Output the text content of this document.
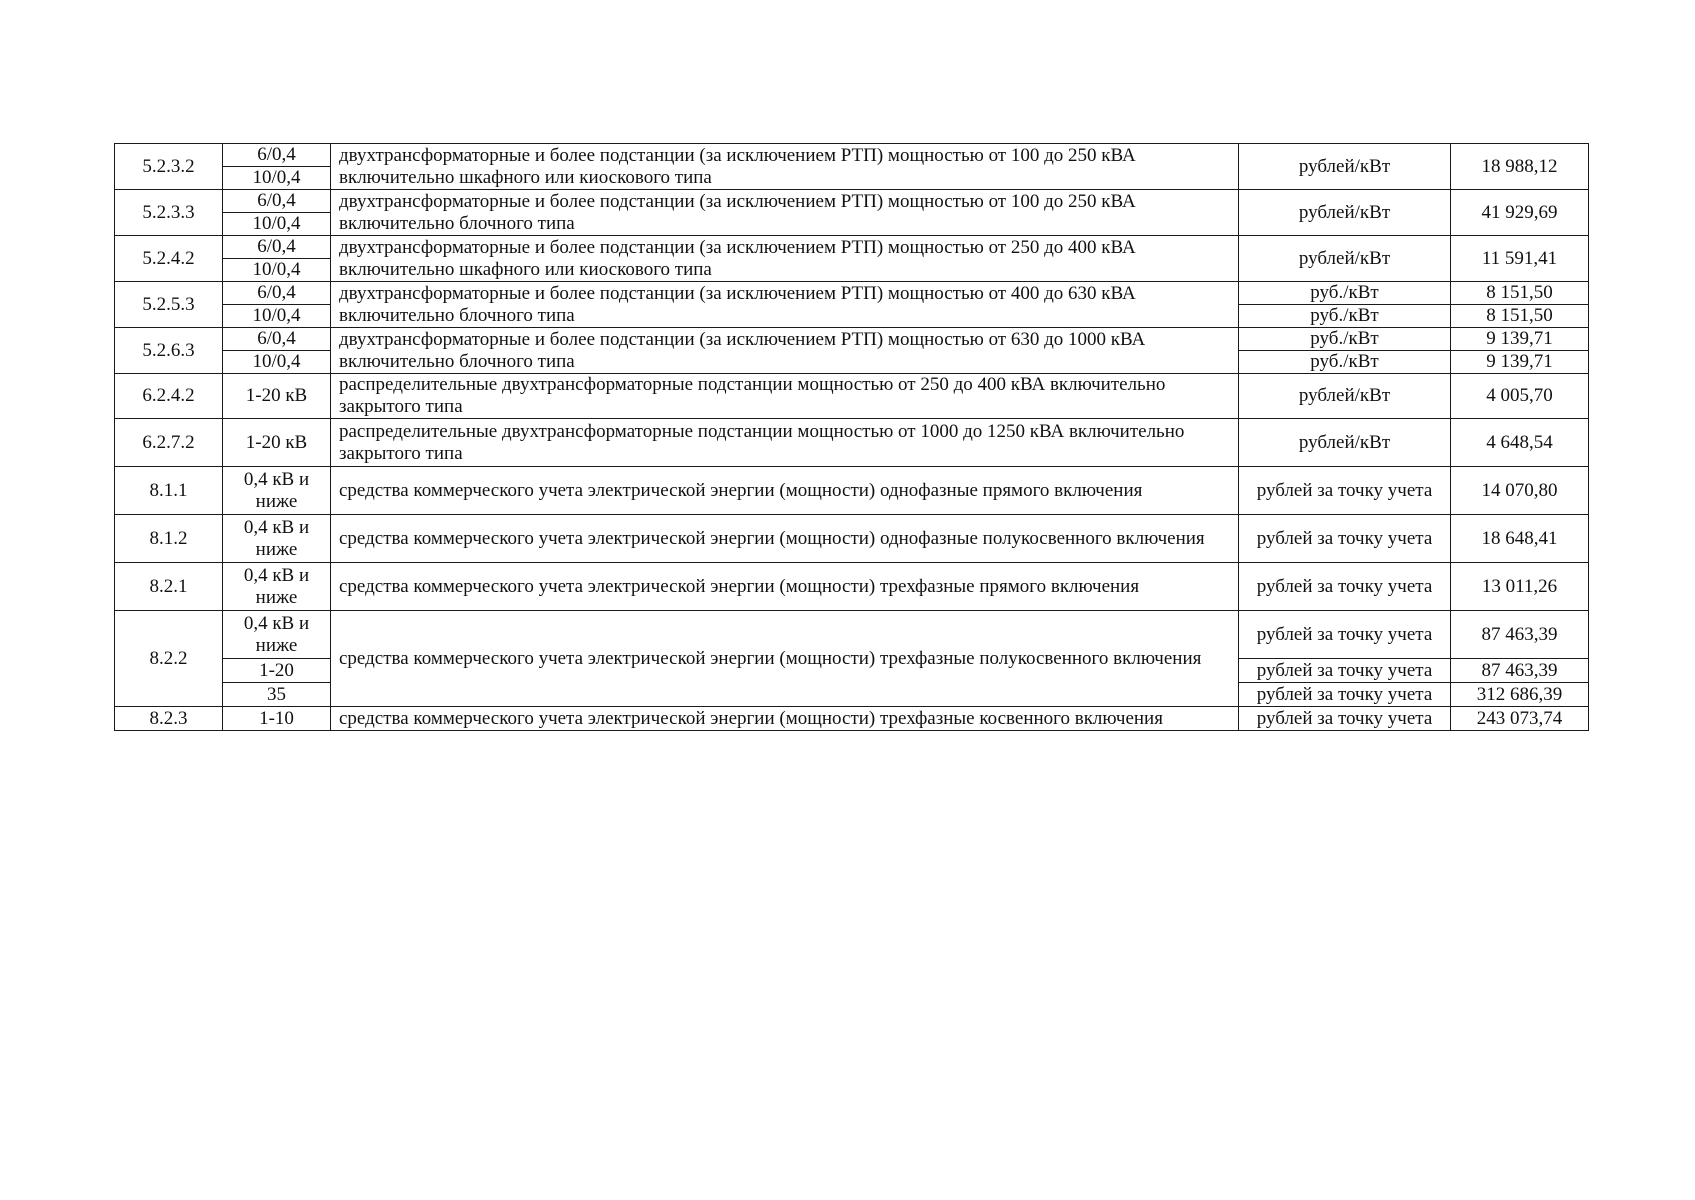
5.2.3.2	6/0,4	двухтрансформаторные и более подстанции (за исключением РТП) мощностью от 100 до 250 кВА включительно шкафного или киоскового типа	рублей/кВт	18 988,12
	10/0,4			
5.2.3.3	6/0,4	двухтрансформаторные и более подстанции (за исключением РТП) мощностью от 100 до 250 кВА включительно блочного типа	рублей/кВт	41 929,69
	10/0,4			
5.2.4.2	6/0,4	двухтрансформаторные и более подстанции (за исключением РТП) мощностью от 250 до 400 кВА включительно шкафного или киоскового типа	рублей/кВт	11 591,41
	10/0,4			
5.2.5.3	6/0,4	двухтрансформаторные и более подстанции (за исключением РТП) мощностью от 400 до 630 кВА включительно блочного типа	руб./кВт	8 151,50
	10/0,4		руб./кВт	8 151,50
5.2.6.3	6/0,4	двухтрансформаторные и более подстанции (за исключением РТП) мощностью от 630 до 1000 кВА включительно блочного типа	руб./кВт	9 139,71
	10/0,4		руб./кВт	9 139,71
6.2.4.2	1-20 кВ	распределительные двухтрансформаторные подстанции мощностью от 250 до 400 кВА включительно закрытого типа	рублей/кВт	4 005,70
6.2.7.2	1-20 кВ	распределительные двухтрансформаторные подстанции мощностью от 1000 до 1250 кВА включительно закрытого типа	рублей/кВт	4 648,54
8.1.1	0,4 кВ и ниже	средства коммерческого учета электрической энергии (мощности) однофазные прямого включения	рублей за точку учета	14 070,80
8.1.2	0,4 кВ и ниже	средства коммерческого учета электрической энергии (мощности) однофазные полукосвенного включения	рублей за точку учета	18 648,41
8.2.1	0,4 кВ и ниже	средства коммерческого учета электрической энергии (мощности) трехфазные прямого включения	рублей за точку учета	13 011,26
8.2.2	0,4 кВ и ниже	средства коммерческого учета электрической энергии (мощности) трехфазные полукосвенного включения	рублей за точку учета	87 463,39
	1-20		рублей за точку учета	87 463,39
	35		рублей за точку учета	312 686,39
8.2.3	1-10	средства коммерческого учета электрической энергии (мощности) трехфазные косвенного включения	рублей за точку учета	243 073,74
